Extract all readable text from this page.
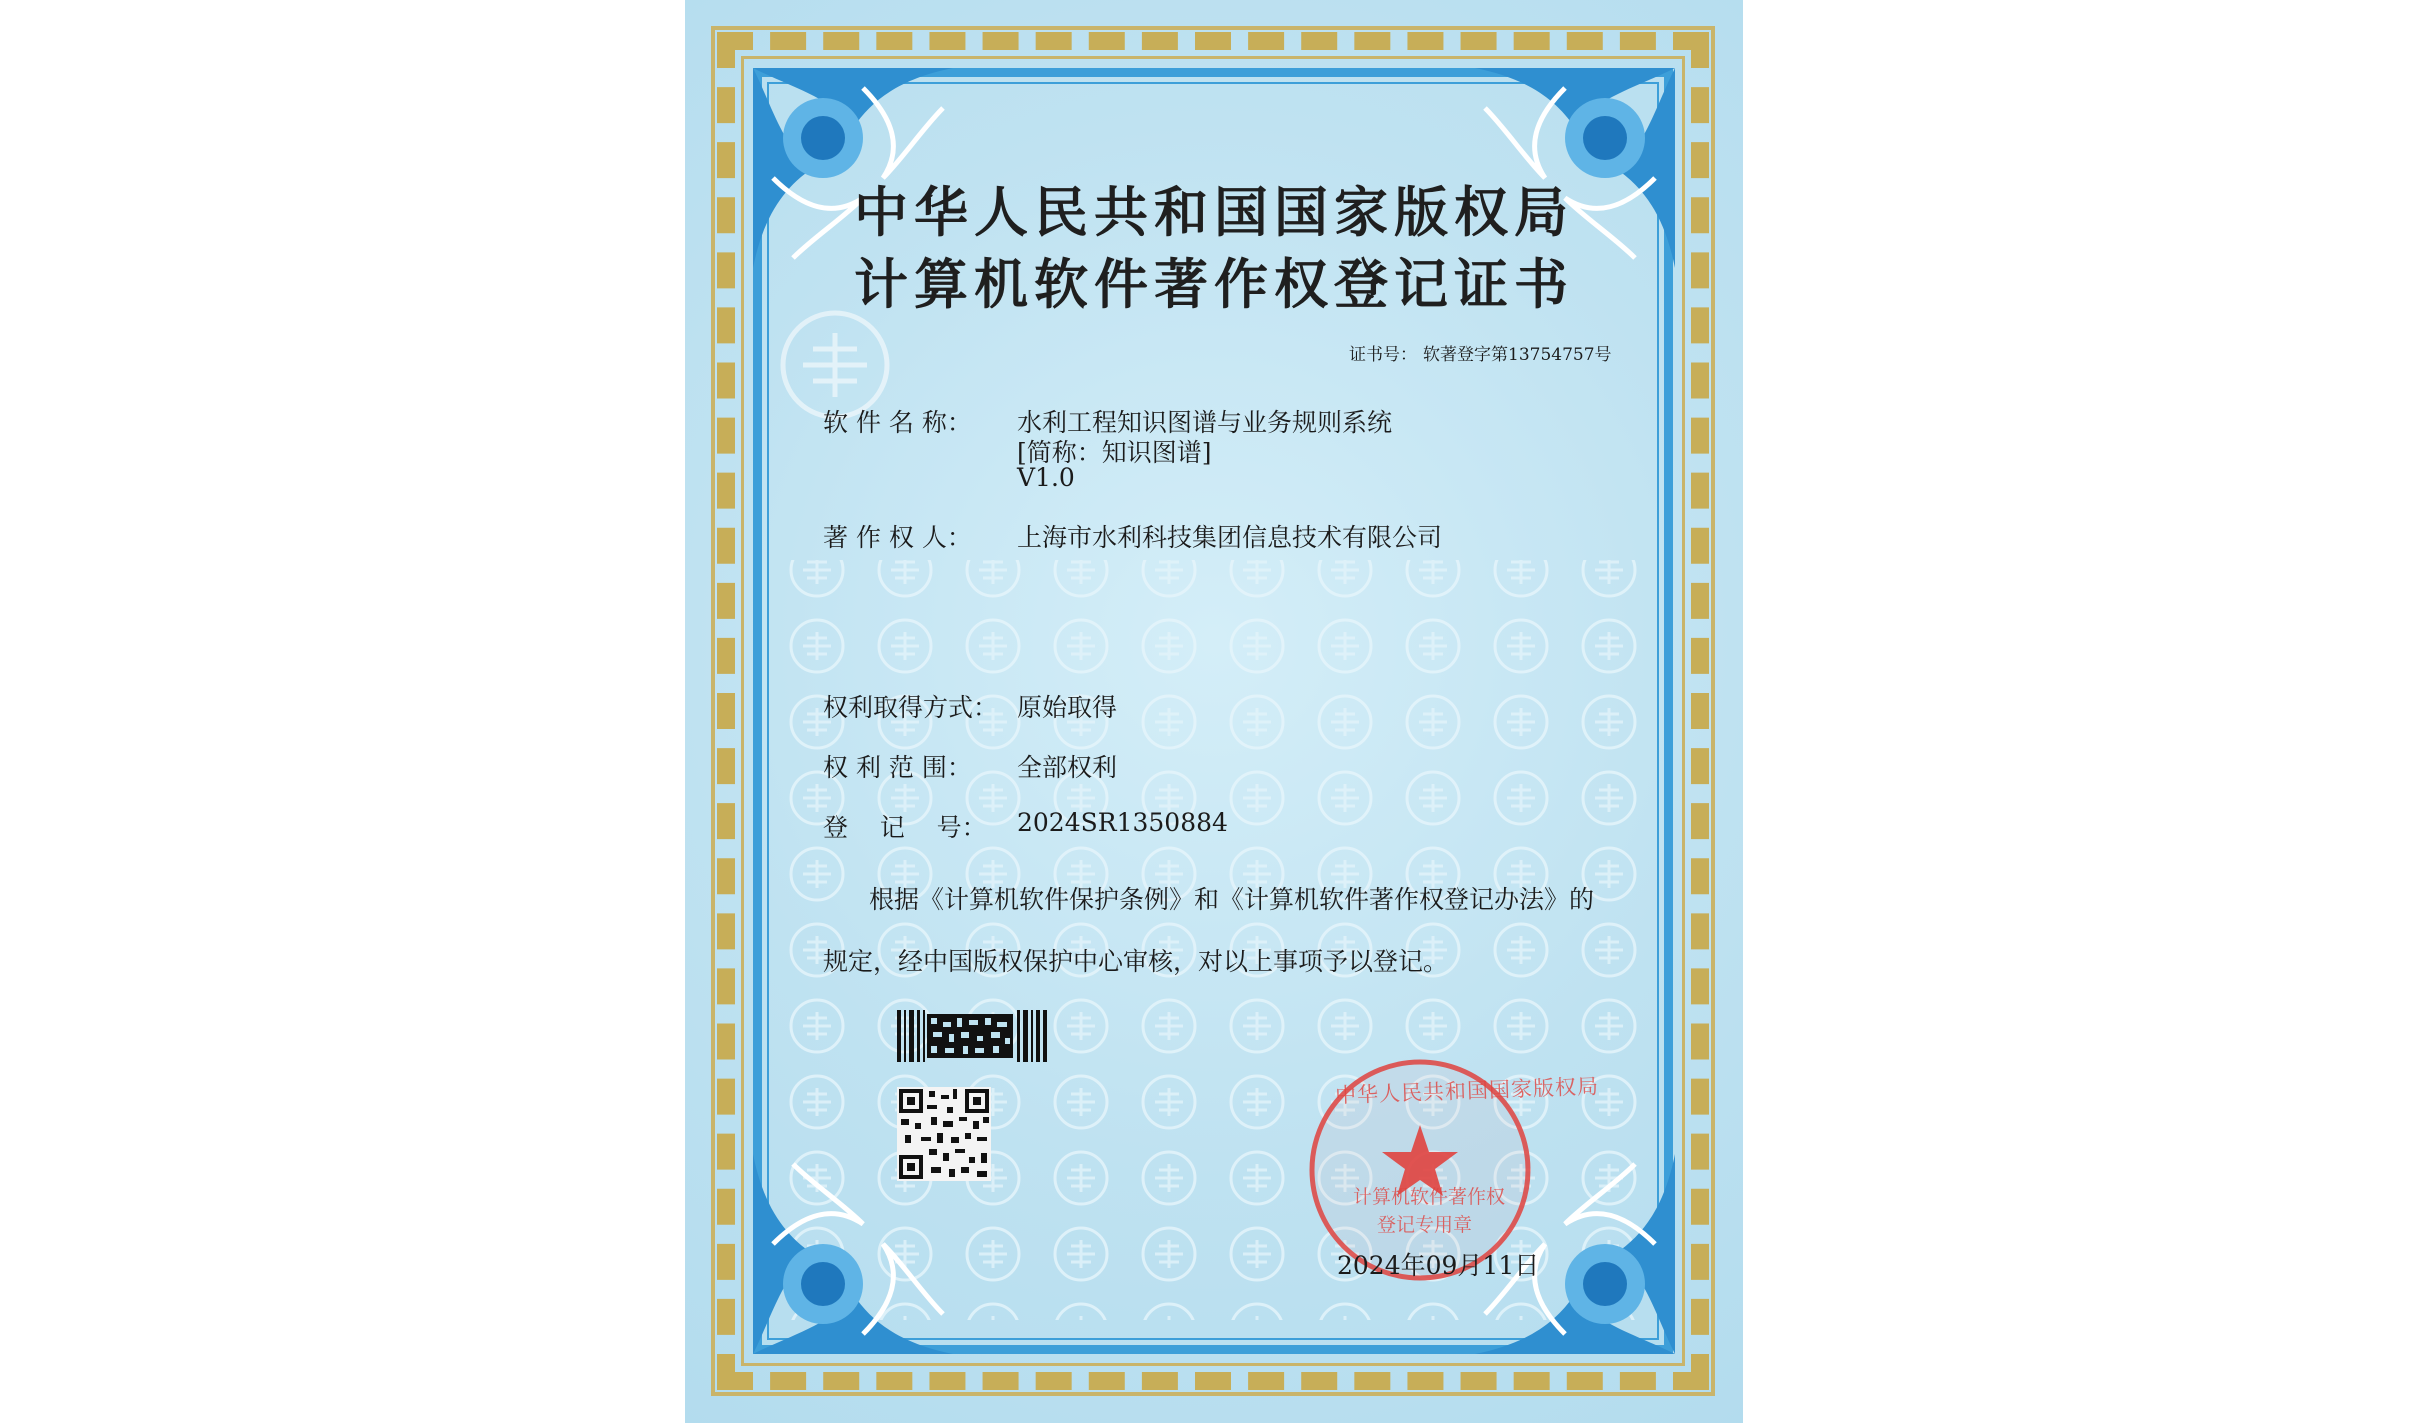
中华人民共和国国家版权局
计算机软件著作权登记证书
证书号： 软著登字第13754757号
软 件 名 称： 水利工程知识图谱与业务规则系统
[简称：知识图谱]
V1.0
著 作 权 人： 上海市水利科技集团信息技术有限公司
权利取得方式： 原始取得
权 利 范 围： 全部权利
登    记    号： 2024SR1350884
根据《计算机软件保护条例》和《计算机软件著作权登记办法》的
规定，经中国版权保护中心审核，对以上事项予以登记。
中华人民共和国国家版权局
计算机软件著作权
登记专用章
2024年09月11日
